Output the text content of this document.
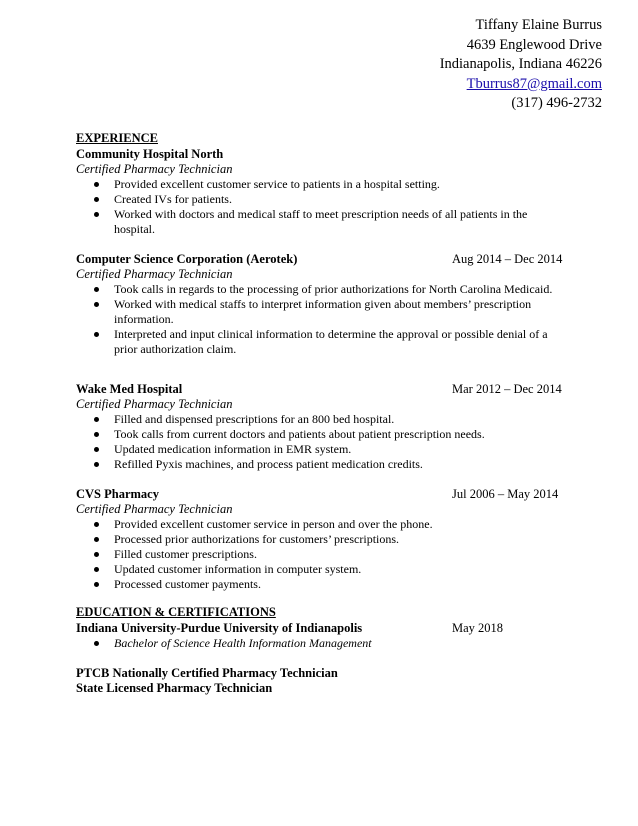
Tiffany Elaine Burrus
4639 Englewood Drive
Indianapolis, Indiana 46226
Tburrus87@gmail.com
(317) 496-2732
EXPERIENCE
Community Hospital North
Certified Pharmacy Technician
Provided excellent customer service to patients in a hospital setting.
Created IVs for patients.
Worked with doctors and medical staff to meet prescription needs of all patients in the hospital.
Computer Science Corporation (Aerotek)	Aug 2014 – Dec 2014
Certified Pharmacy Technician
Took calls in regards to the processing of prior authorizations for North Carolina Medicaid.
Worked with medical staffs to interpret information given about members’ prescription information.
Interpreted and input clinical information to determine the approval or possible denial of a prior authorization claim.
Wake Med Hospital	Mar 2012 – Dec 2014
Certified Pharmacy Technician
Filled and dispensed prescriptions for an 800 bed hospital.
Took calls from current doctors and patients about patient prescription needs.
Updated medication information in EMR system.
Refilled Pyxis machines, and process patient medication credits.
CVS Pharmacy	Jul 2006 – May 2014
Certified Pharmacy Technician
Provided excellent customer service in person and over the phone.
Processed prior authorizations for customers’ prescriptions.
Filled customer prescriptions.
Updated customer information in computer system.
Processed customer payments.
EDUCATION & CERTIFICATIONS
Indiana University-Purdue University of Indianapolis	May 2018
Bachelor of Science Health Information Management
PTCB Nationally Certified Pharmacy Technician
State Licensed Pharmacy Technician
